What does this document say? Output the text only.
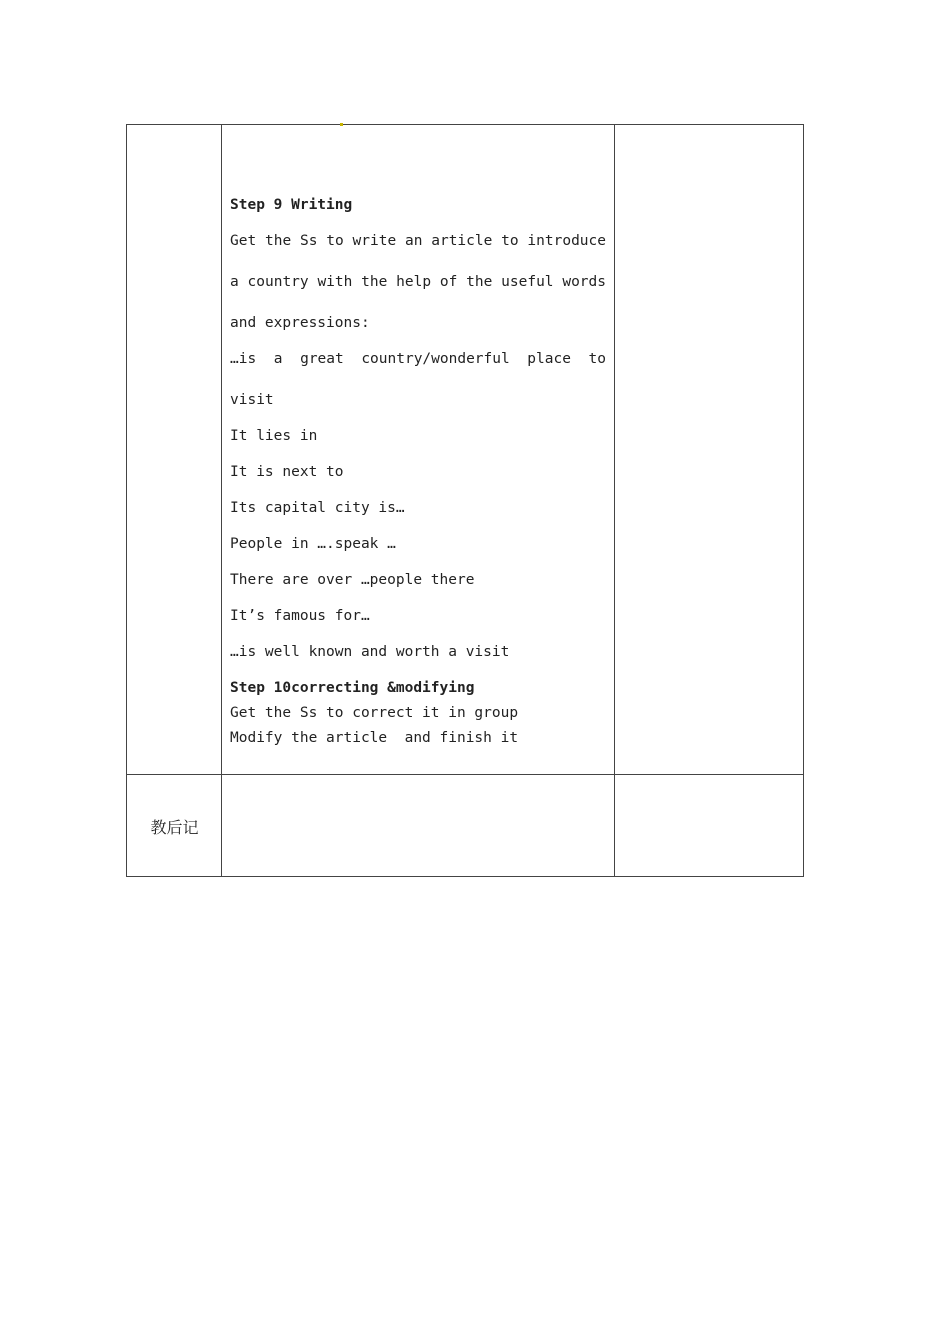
Step 9 Writing
Get the Ss to write an article to introduce
a country with the help of the useful words
and expressions:
…is a great country/wonderful place to
visit
It lies in
It is next to
Its capital city is…
People in ….speak …
There are over …people there
It’s famous for…
…is well known and worth a visit
Step 10correcting &modifying
Get the Ss to correct it in group
Modify the article  and finish it
教后记
